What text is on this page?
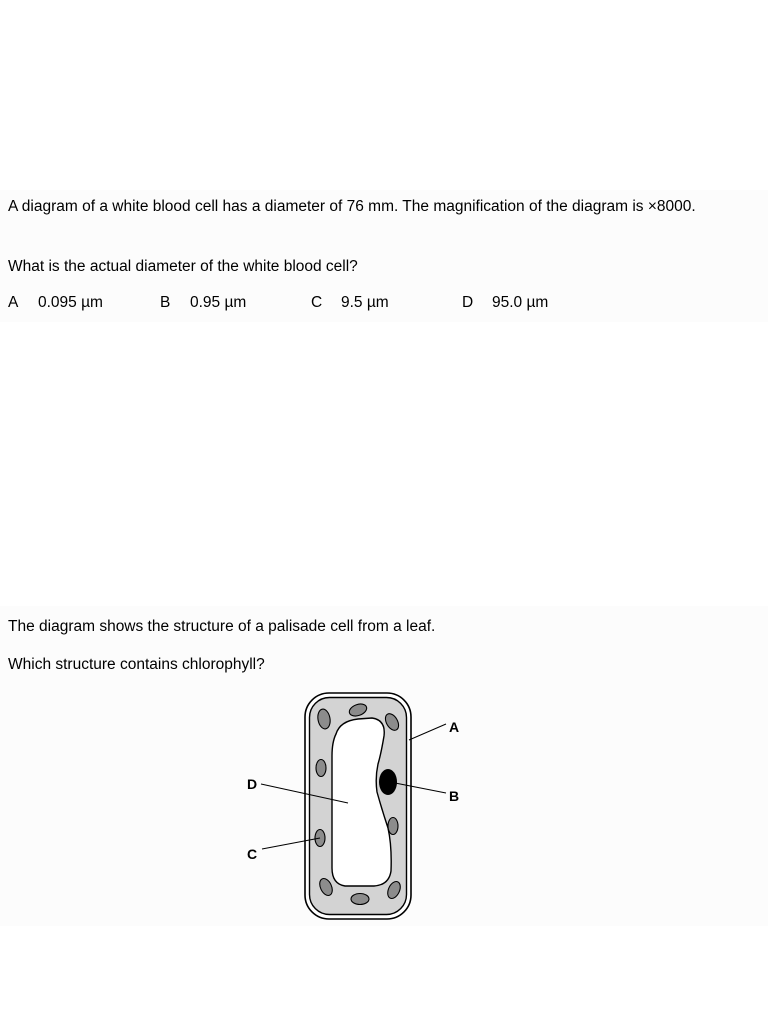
A diagram of a white blood cell has a diameter of 76 mm. The magnification of the diagram is ×8000.
What is the actual diameter of the white blood cell?
A 0.095 µm	B 0.95 µm	C 9.5 µm	D 95.0 µm
The diagram shows the structure of a palisade cell from a leaf.
Which structure contains chlorophyll?
A
B
C
D
